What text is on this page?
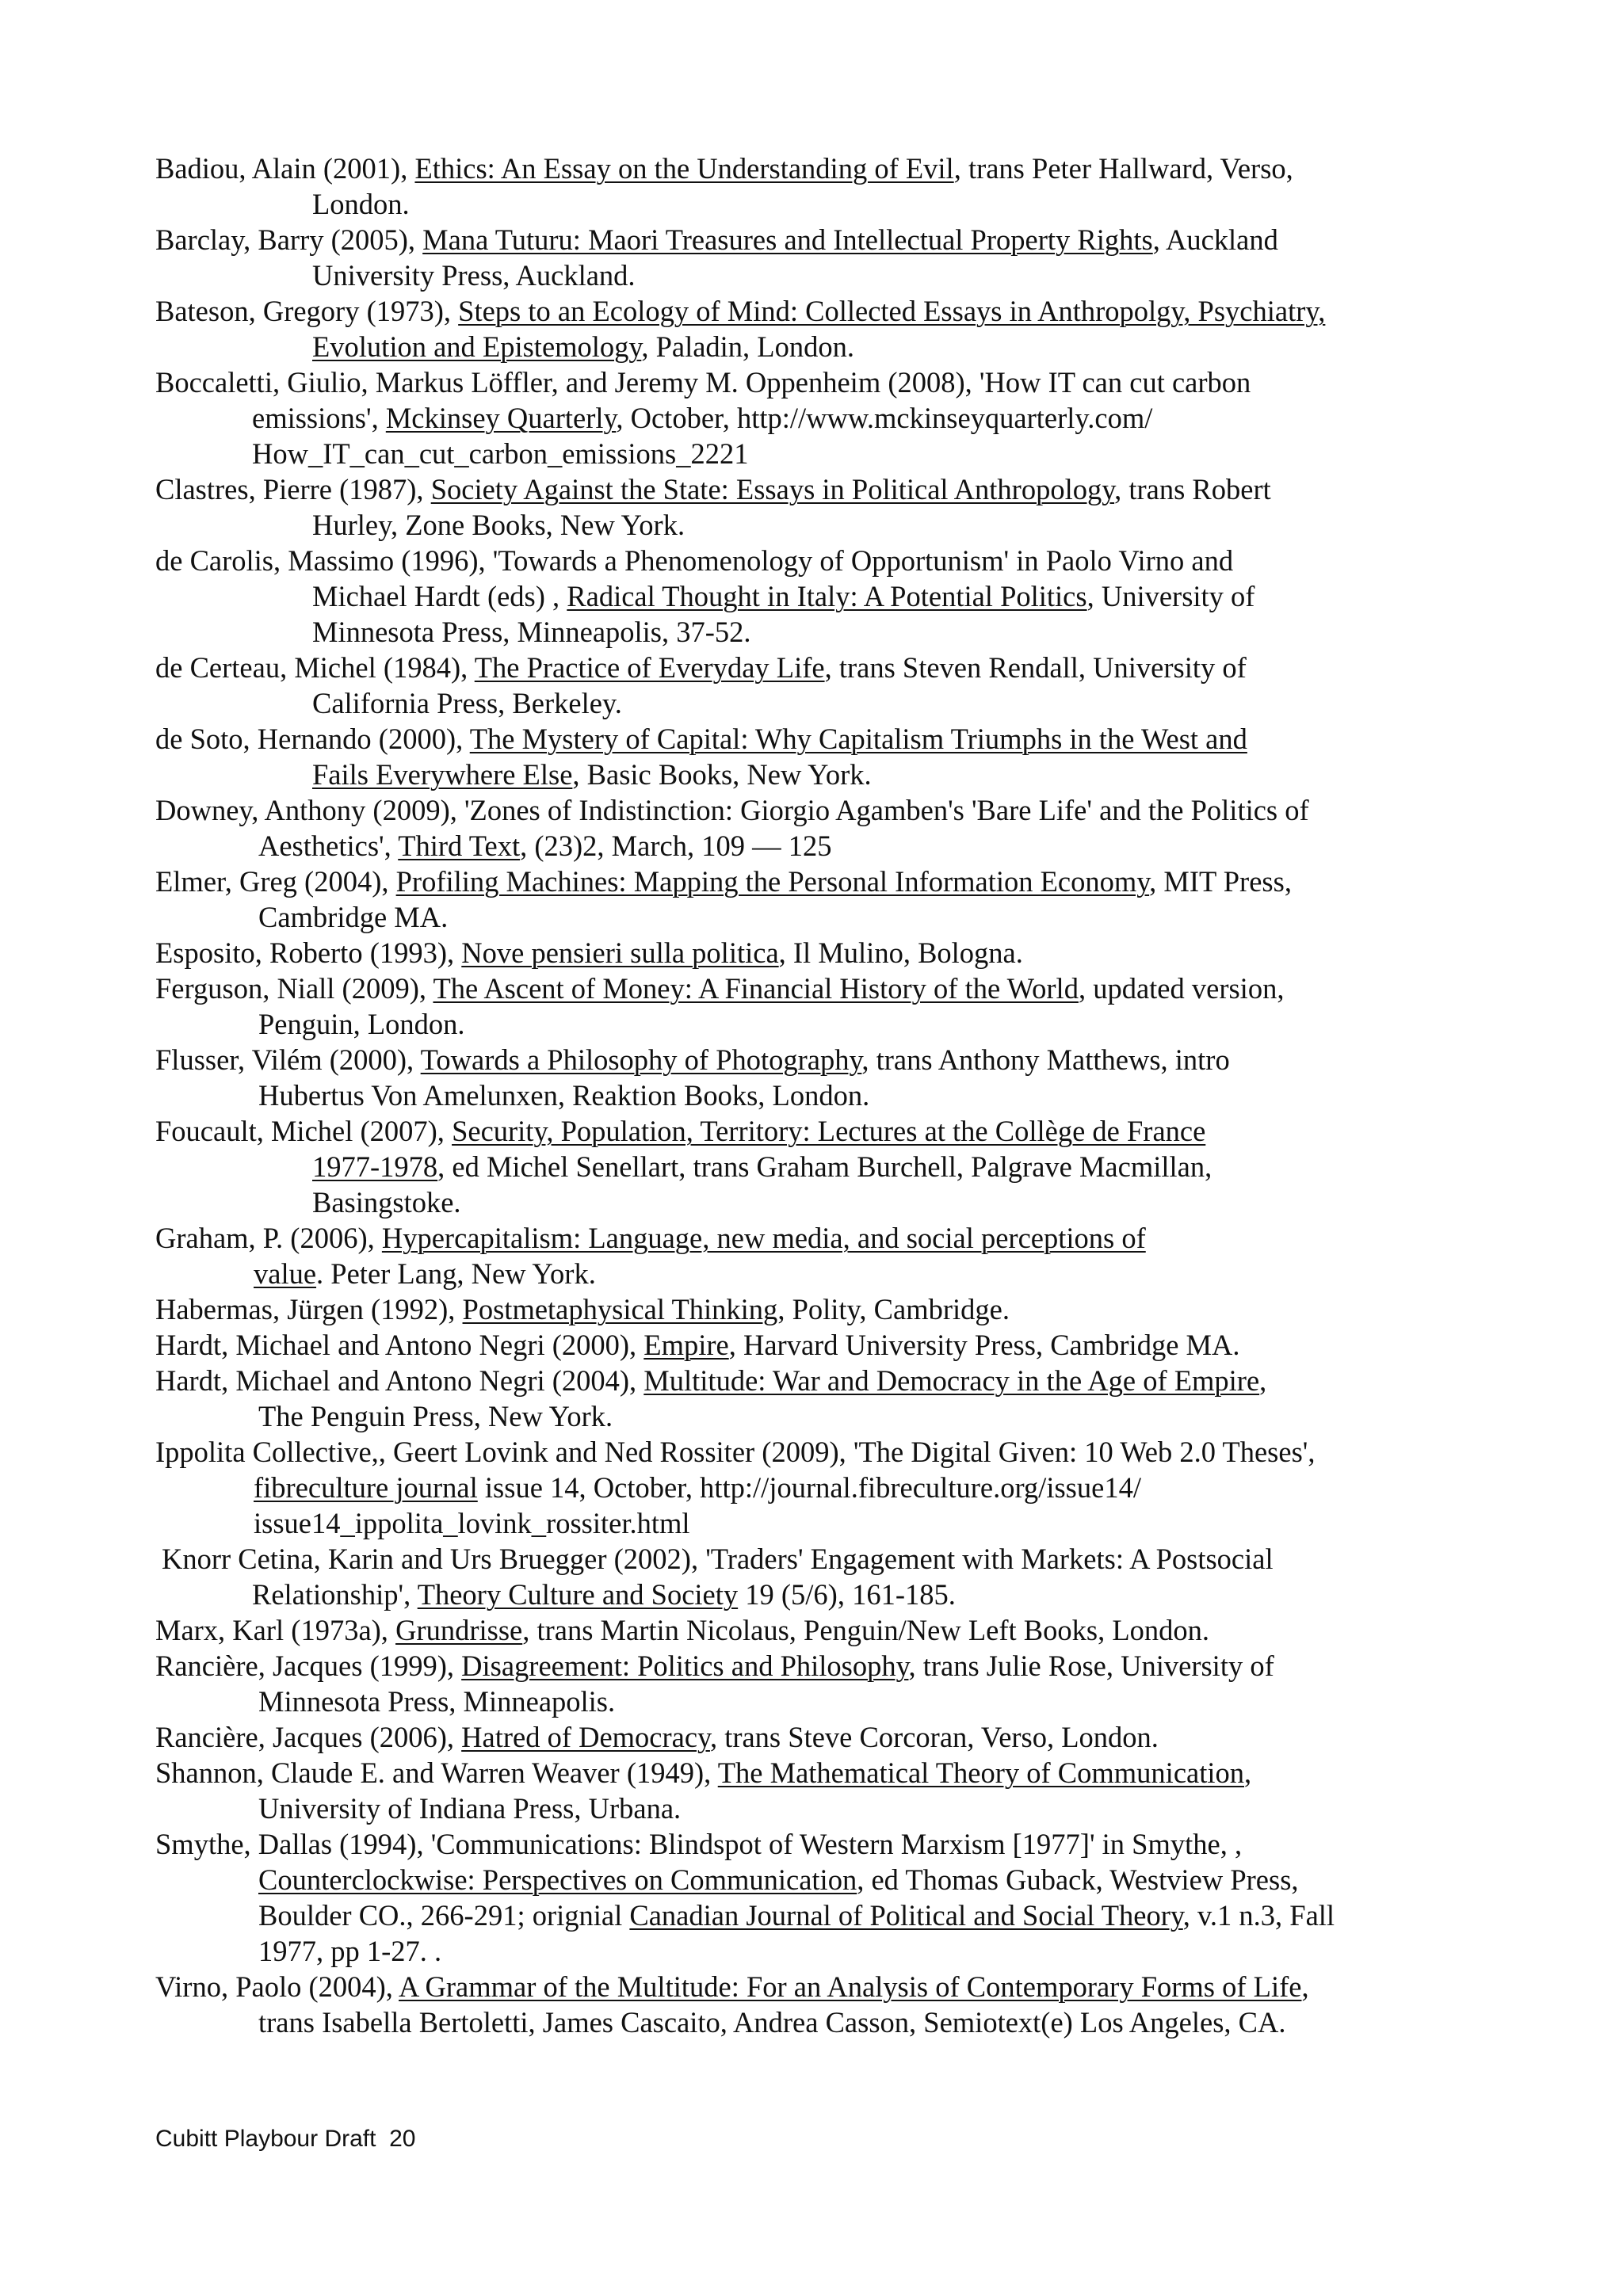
Badiou, Alain (2001), Ethics: An Essay on the Understanding of Evil, trans Peter Hallward, Verso,
London.
Barclay, Barry (2005), Mana Tuturu: Maori Treasures and Intellectual Property Rights, Auckland
University Press, Auckland.
Bateson, Gregory (1973), Steps to an Ecology of Mind: Collected Essays in Anthropolgy, Psychiatry,
Evolution and Epistemology, Paladin, London.
Boccaletti, Giulio, Markus Löffler, and Jeremy M. Oppenheim (2008), 'How IT can cut carbon
emissions', Mckinsey Quarterly, October, http://www.mckinseyquarterly.com/
How_IT_can_cut_carbon_emissions_2221
Clastres, Pierre (1987), Society Against the State: Essays in Political Anthropology, trans Robert
Hurley, Zone Books, New York.
de Carolis, Massimo (1996), 'Towards a Phenomenology of Opportunism' in Paolo Virno and
Michael Hardt (eds) , Radical Thought in Italy: A Potential Politics, University of
Minnesota Press, Minneapolis, 37-52.
de Certeau, Michel (1984), The Practice of Everyday Life, trans Steven Rendall, University of
California Press, Berkeley.
de Soto, Hernando (2000), The Mystery of Capital: Why Capitalism Triumphs in the West and
Fails Everywhere Else, Basic Books, New York.
Downey, Anthony (2009), 'Zones of Indistinction: Giorgio Agamben's 'Bare Life' and the Politics of
Aesthetics', Third Text, (23)2, March, 109 — 125
Elmer, Greg (2004), Profiling Machines: Mapping the Personal Information Economy, MIT Press,
Cambridge MA.
Esposito, Roberto (1993), Nove pensieri sulla politica, Il Mulino, Bologna.
Ferguson, Niall (2009), The Ascent of Money: A Financial History of the World, updated version,
Penguin, London.
Flusser, Vilém (2000), Towards a Philosophy of Photography, trans Anthony Matthews, intro
Hubertus Von Amelunxen, Reaktion Books, London.
Foucault, Michel (2007), Security, Population, Territory: Lectures at the Collège de France
1977-1978, ed Michel Senellart, trans Graham Burchell, Palgrave Macmillan,
Basingstoke.
Graham, P. (2006), Hypercapitalism: Language, new media, and social perceptions of
value. Peter Lang, New York.
Habermas, Jürgen (1992), Postmetaphysical Thinking, Polity, Cambridge.
Hardt, Michael and Antono Negri (2000), Empire, Harvard University Press, Cambridge MA.
Hardt, Michael and Antono Negri (2004), Multitude: War and Democracy in the Age of Empire,
The Penguin Press, New York.
Ippolita Collective,, Geert Lovink and Ned Rossiter (2009), 'The Digital Given: 10 Web 2.0 Theses',
fibreculture journal issue 14, October, http://journal.fibreculture.org/issue14/
issue14_ippolita_lovink_rossiter.html
Knorr Cetina, Karin and Urs Bruegger (2002), 'Traders' Engagement with Markets: A Postsocial
Relationship', Theory Culture and Society 19 (5/6), 161-185.
Marx, Karl (1973a), Grundrisse, trans Martin Nicolaus, Penguin/New Left Books, London.
Rancière, Jacques (1999), Disagreement: Politics and Philosophy, trans Julie Rose, University of
Minnesota Press, Minneapolis.
Rancière, Jacques (2006), Hatred of Democracy, trans Steve Corcoran, Verso, London.
Shannon, Claude E. and Warren Weaver (1949), The Mathematical Theory of Communication,
University of Indiana Press, Urbana.
Smythe, Dallas (1994), 'Communications: Blindspot of Western Marxism [1977]' in Smythe, ,
Counterclockwise: Perspectives on Communication, ed Thomas Guback, Westview Press,
Boulder CO., 266-291; orignial Canadian Journal of Political and Social Theory, v.1 n.3, Fall
1977, pp 1-27. .
Virno, Paolo (2004), A Grammar of the Multitude: For an Analysis of Contemporary Forms of Life,
trans Isabella Bertoletti, James Cascaito, Andrea Casson, Semiotext(e) Los Angeles, CA.
Cubitt Playbour Draft  20
